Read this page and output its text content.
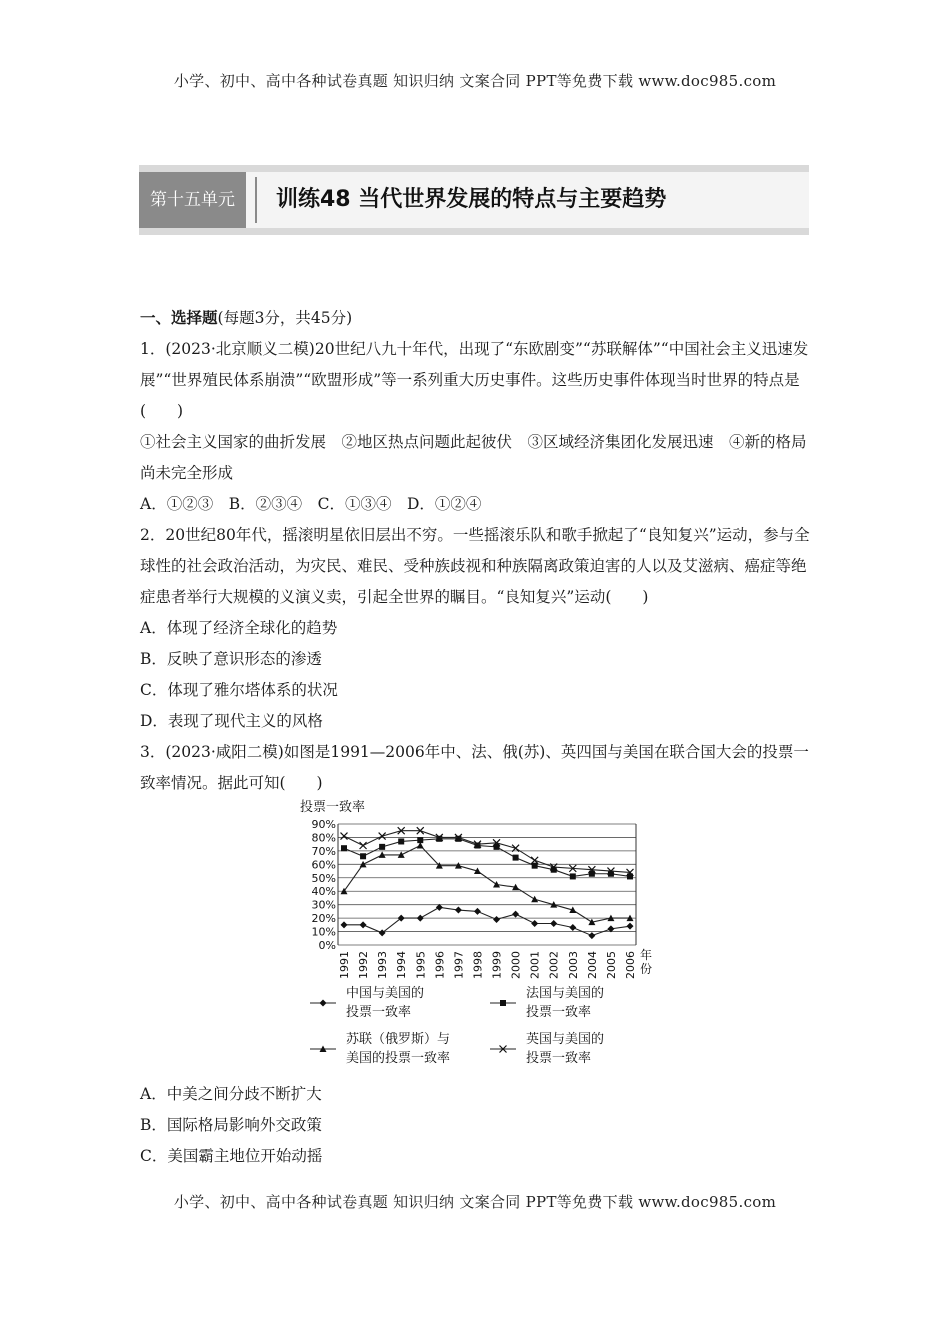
小学、初中、高中各种试卷真题 知识归纳 文案合同 PPT等免费下载 www.doc985.com
第十五单元	训练48 当代世界发展的特点与主要趋势

一、选择题(每题3分，共45分)

1．(2023·北京顺义二模)20世纪八九十年代，出现了“东欧剧变”“苏联解体”“中国社会主义迅速发展”“世界殖民体系崩溃”“欧盟形成”等一系列重大历史事件。这些历史事件体现当时世界的特点是(　　)

①社会主义国家的曲折发展　②地区热点问题此起彼伏　③区域经济集团化发展迅速　④新的格局尚未完全形成

A．①②③　B．②③④　C．①③④　D．①②④

2．20世纪80年代，摇滚明星依旧层出不穷。一些摇滚乐队和歌手掀起了“良知复兴”运动，参与全球性的社会政治活动，为灾民、难民、受种族歧视和种族隔离政策迫害的人以及艾滋病、癌症等绝症患者举行大规模的义演义卖，引起全世界的瞩目。“良知复兴”运动(　　)

A．体现了经济全球化的趋势

B．反映了意识形态的渗透

C．体现了雅尔塔体系的状况

D．表现了现代主义的风格

3．(2023·咸阳二模)如图是1991—2006年中、法、俄(苏)、英四国与美国在联合国大会的投票一致率情况。据此可知(　　)

投票一致率
0%
10%
20%
30%
40%
50%
60%
70%
80%
90%
1991 1992 1993 1994 1995 1996 1997 1998 1999 2000 2001 2002 2003 2004 2005 2006 年
份
中国与美国的
投票一致率
法国与美国的
投票一致率
苏联（俄罗斯）与
美国的投票一致率
英国与美国的
投票一致率

A．中美之间分歧不断扩大

B．国际格局影响外交政策

C．美国霸主地位开始动摇

小学、初中、高中各种试卷真题 知识归纳 文案合同 PPT等免费下载 www.doc985.com
